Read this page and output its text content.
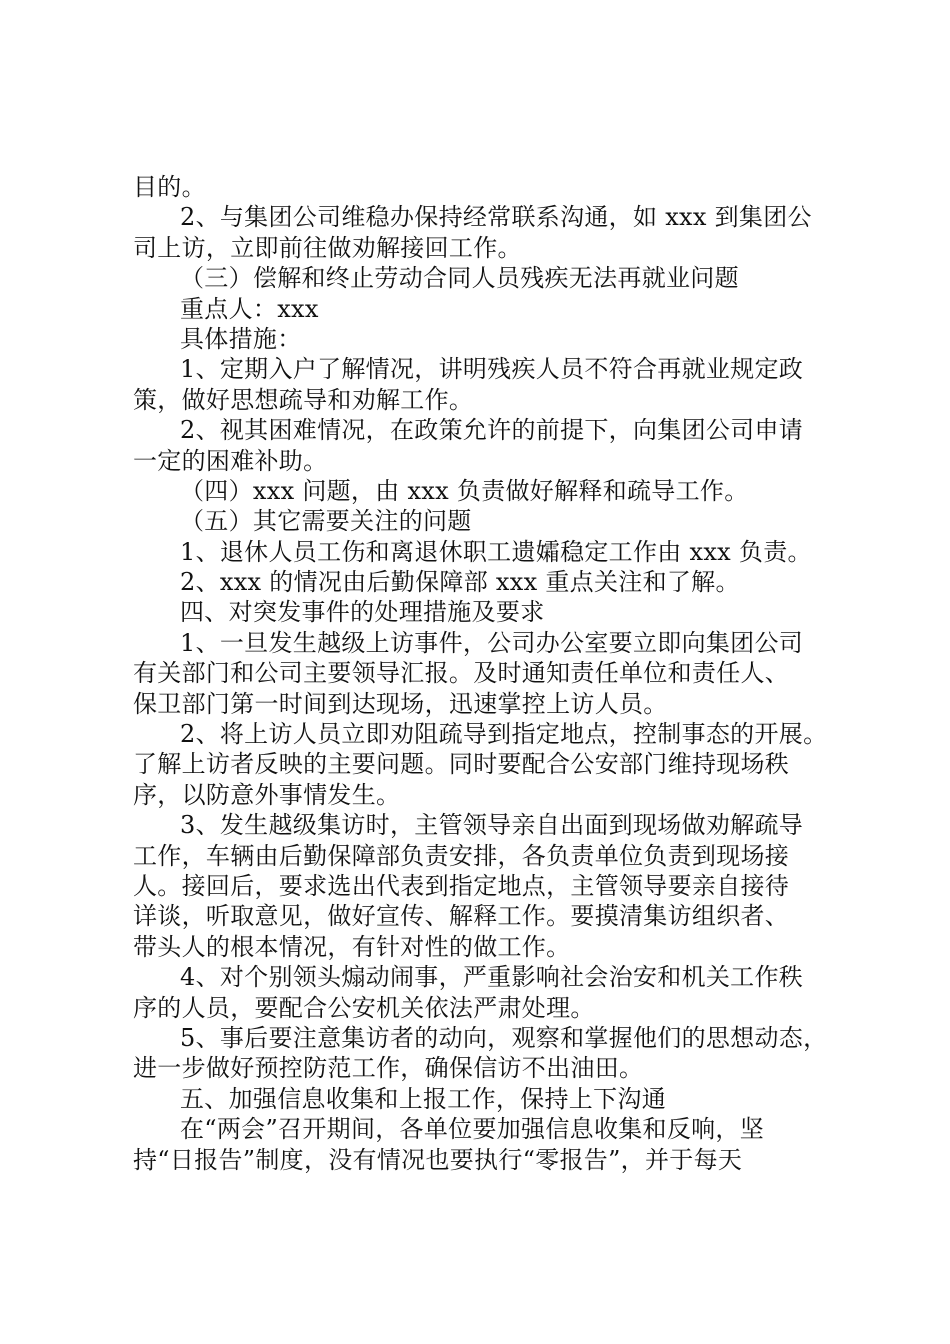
目的。
2、与集团公司维稳办保持经常联系沟通，如 xxx 到集团公
司上访，立即前往做劝解接回工作。
（三）偿解和终止劳动合同人员残疾无法再就业问题
重点人：xxx
具体措施：
1、定期入户了解情况，讲明残疾人员不符合再就业规定政
策，做好思想疏导和劝解工作。
2、视其困难情况，在政策允许的前提下，向集团公司申请
一定的困难补助。
（四）xxx 问题，由 xxx 负责做好解释和疏导工作。
（五）其它需要关注的问题
1、退休人员工伤和离退休职工遗孀稳定工作由 xxx 负责。
2、xxx 的情况由后勤保障部 xxx 重点关注和了解。
四、对突发事件的处理措施及要求
1、一旦发生越级上访事件，公司办公室要立即向集团公司
有关部门和公司主要领导汇报。及时通知责任单位和责任人、
保卫部门第一时间到达现场，迅速掌控上访人员。
2、将上访人员立即劝阻疏导到指定地点，控制事态的开展。
了解上访者反映的主要问题。同时要配合公安部门维持现场秩
序，以防意外事情发生。
3、发生越级集访时，主管领导亲自出面到现场做劝解疏导
工作，车辆由后勤保障部负责安排，各负责单位负责到现场接
人。接回后，要求选出代表到指定地点，主管领导要亲自接待
详谈，听取意见，做好宣传、解释工作。要摸清集访组织者、
带头人的根本情况，有针对性的做工作。
4、对个别领头煽动闹事，严重影响社会治安和机关工作秩
序的人员，要配合公安机关依法严肃处理。
5、事后要注意集访者的动向，观察和掌握他们的思想动态，
进一步做好预控防范工作，确保信访不出油田。
五、加强信息收集和上报工作，保持上下沟通
在“两会”召开期间，各单位要加强信息收集和反响，坚
持“日报告”制度，没有情况也要执行“零报告”，并于每天
